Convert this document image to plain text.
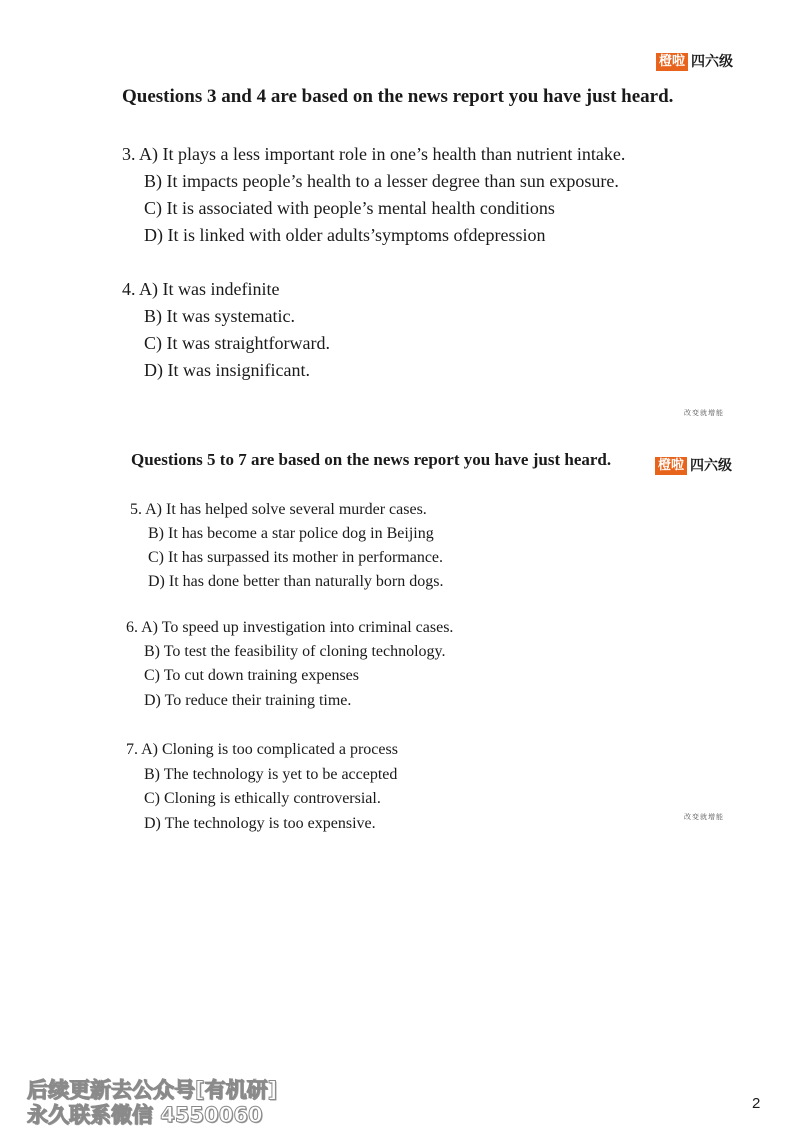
橙啦 四六级
Questions 3 and 4 are based on the news report you have just heard.
3. A) It plays a less important role in one’s health than nutrient intake.
B) It impacts people’s health to a lesser degree than sun exposure.
C) It is associated with people’s mental health conditions
D) It is linked with older adults’symptoms ofdepression
4. A) It was indefinite
B) It was systematic.
C) It was straightforward.
D) It was insignificant.
改变就增能
Questions 5 to 7 are based on the news report you have just heard.	橙啦 四六级
5. A) It has helped solve several murder cases.
B) It has become a star police dog in Beijing
C) It has surpassed its mother in performance.
D) It has done better than naturally born dogs.
6. A) To speed up investigation into criminal cases.
B) To test the feasibility of cloning technology.
C) To cut down training expenses
D) To reduce their training time.
7. A) Cloning is too complicated a process
B) The technology is yet to be accepted
C) Cloning is ethically controversial.
D) The technology is too expensive.	改变就增能
后续更新去公众号[有机研]
永久联系微信 4550060	2
